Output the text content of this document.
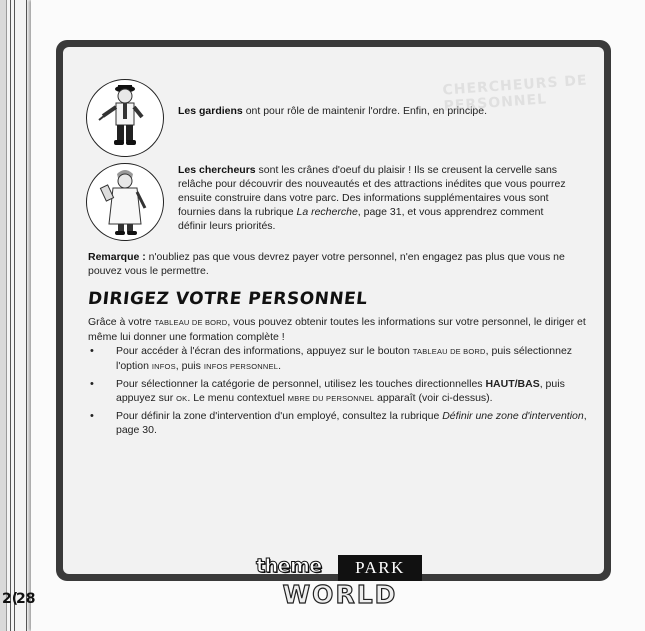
CHERCHEURS DE PERSONNEL
Les gardiens ont pour rôle de maintenir l'ordre. Enfin, en principe.
Les chercheurs sont les crânes d'oeuf du plaisir ! Ils se creusent la cervelle sans relâche pour découvrir des nouveautés et des attractions inédites que vous pourrez ensuite construire dans votre parc. Des informations supplémentaires vous sont fournies dans la rubrique La recherche, page 31, et vous apprendrez comment définir leurs priorités.
Remarque : n'oubliez pas que vous devrez payer votre personnel, n'en engagez pas plus que vous ne pouvez vous le permettre.
DIRIGEZ VOTRE PERSONNEL
Grâce à votre TABLEAU DE BORD, vous pouvez obtenir toutes les informations sur votre personnel, le diriger et même lui donner une formation complète !
• Pour accéder à l'écran des informations, appuyez sur le bouton TABLEAU DE BORD, puis sélectionnez l'option INFOS, puis INFOS PERSONNEL.
• Pour sélectionner la catégorie de personnel, utilisez les touches directionnelles HAUT/BAS, puis appuyez sur OK. Le menu contextuel MBRE DU PERSONNEL apparaît (voir ci-dessus).
• Pour définir la zone d'intervention d'un employé, consultez la rubrique Définir une zone d'intervention, page 30.
theme	PARK
WORLD
2(
28
